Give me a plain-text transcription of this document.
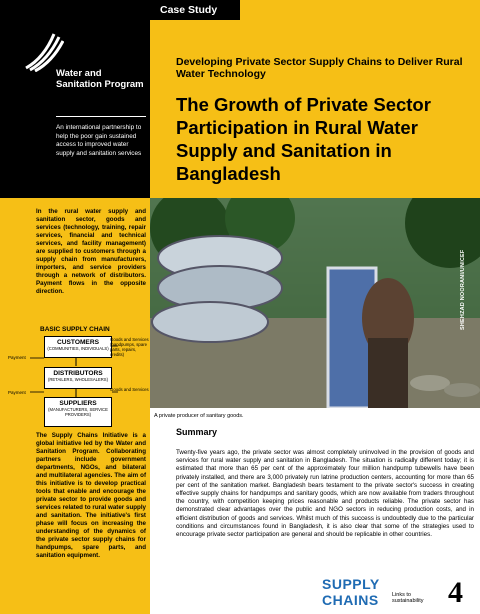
Water and Sanitation Program
An international partnership to help the poor gain sustained access to improved water supply and sanitation services
Case Study
Developing Private Sector Supply Chains to Deliver Rural Water Technology
The Growth of Private Sector Participation in Rural Water Supply and Sanitation in Bangladesh
SHEHZAD NOORANI/UNICEF
A private producer of sanitary goods.
In the rural water supply and sanitation sector, goods and services (technology, training, repair services, financial and technical services, and facility management) are supplied to customers through a supply chain from manufacturers, importers, and service providers through a network of distributors. Payment flows in the opposite direction.
BASIC SUPPLY CHAIN
CUSTOMERS
(COMMUNITIES, INDIVIDUALS)
DISTRIBUTORS
(RETAILERS, WHOLESALERS)
SUPPLIERS
(MANUFACTURERS, SERVICE PROVIDERS)
Payment
Payment
Goods and Services (handpumps, spare parts, repairs, credits)
Goods and Services
The Supply Chains Initiative is a global initiative led by the Water and Sanitation Program. Collaborating partners include government departments, NGOs, and bilateral and multilateral agencies. The aim of this initiative is to develop practical tools that enable and encourage the private sector to provide goods and services related to rural water supply and sanitation. The initiative's first phase will focus on increasing the understanding of the dynamics of the private sector supply chains for handpumps, spare parts, and sanitation equipment.
Summary
Twenty-five years ago, the private sector was almost completely uninvolved in the provision of goods and services for rural water supply and sanitation in Bangladesh. The situation is radically different today; it is estimated that more than 65 per cent of the approximately four million handpump tubewells have been privately installed, and there are 3,000 privately run latrine production centers, accounting for more than 65 per cent of the sanitation market. Bangladesh bears testament to the private sector's success in creating effective supply chains for handpumps and sanitary goods, which are now available from traders throughout the country, with competition keeping prices reasonable and products reliable. The private sector has demonstrated clear advantages over the public and NGO sectors in reducing production costs, and in efficient distribution of goods and services. Whilst much of this success is undoubtedly due to the particular conditions and circumstances found in Bangladesh, it is also clear that some of the strategies used to encourage private sector participation are general and should be replicable in other countries.
SUPPLY
CHAINS Links to sustainability 4
